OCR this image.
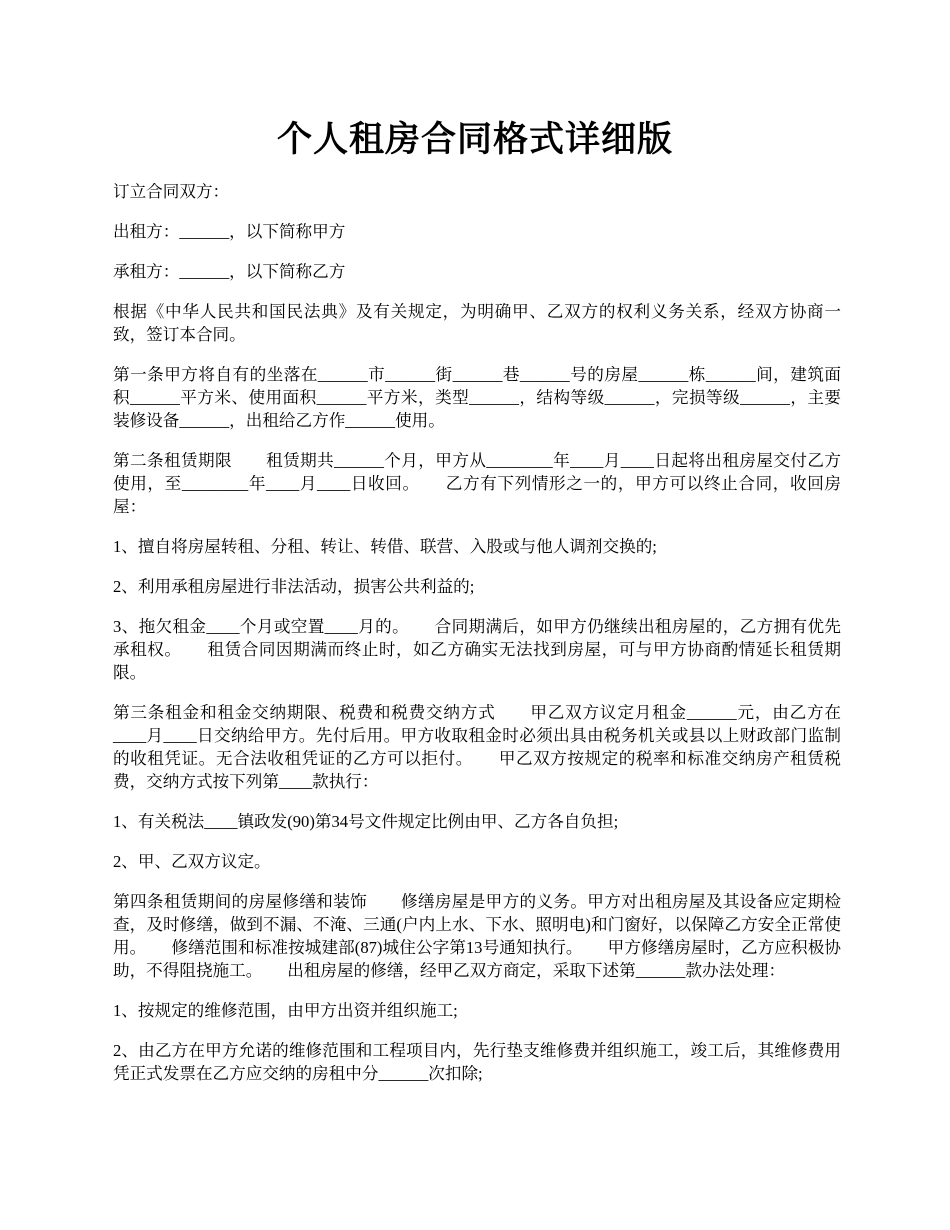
个人租房合同格式详细版

订立合同双方：

出租方：______，以下简称甲方

承租方：______，以下简称乙方

根据《中华人民共和国民法典》及有关规定，为明确甲、乙双方的权利义务关系，经双方协商一致，签订本合同。

第一条甲方将自有的坐落在______市______街______巷______号的房屋______栋______间，建筑面积______平方米、使用面积______平方米，类型______，结构等级______，完损等级______，主要装修设备______，出租给乙方作______使用。

第二条租赁期限　　租赁期共______个月，甲方从________年____月____日起将出租房屋交付乙方使用，至________年____月____日收回。　　乙方有下列情形之一的，甲方可以终止合同，收回房屋：

1、擅自将房屋转租、分租、转让、转借、联营、入股或与他人调剂交换的;

2、利用承租房屋进行非法活动，损害公共利益的;

3、拖欠租金____个月或空置____月的。　　合同期满后，如甲方仍继续出租房屋的，乙方拥有优先承租权。　　租赁合同因期满而终止时，如乙方确实无法找到房屋，可与甲方协商酌情延长租赁期限。

第三条租金和租金交纳期限、税费和税费交纳方式　　甲乙双方议定月租金______元，由乙方在____月____日交纳给甲方。先付后用。甲方收取租金时必须出具由税务机关或县以上财政部门监制的收租凭证。无合法收租凭证的乙方可以拒付。　　甲乙双方按规定的税率和标准交纳房产租赁税费，交纳方式按下列第____款执行：

1、有关税法____镇政发(90)第34号文件规定比例由甲、乙方各自负担;

2、甲、乙双方议定。

第四条租赁期间的房屋修缮和装饰　　修缮房屋是甲方的义务。甲方对出租房屋及其设备应定期检查，及时修缮，做到不漏、不淹、三通(户内上水、下水、照明电)和门窗好，以保障乙方安全正常使用。　　修缮范围和标准按城建部(87)城住公字第13号通知执行。　　甲方修缮房屋时，乙方应积极协助，不得阻挠施工。　　出租房屋的修缮，经甲乙双方商定，采取下述第______款办法处理：

1、按规定的维修范围，由甲方出资并组织施工;

2、由乙方在甲方允诺的维修范围和工程项目内，先行垫支维修费并组织施工，竣工后，其维修费用凭正式发票在乙方应交纳的房租中分______次扣除;
